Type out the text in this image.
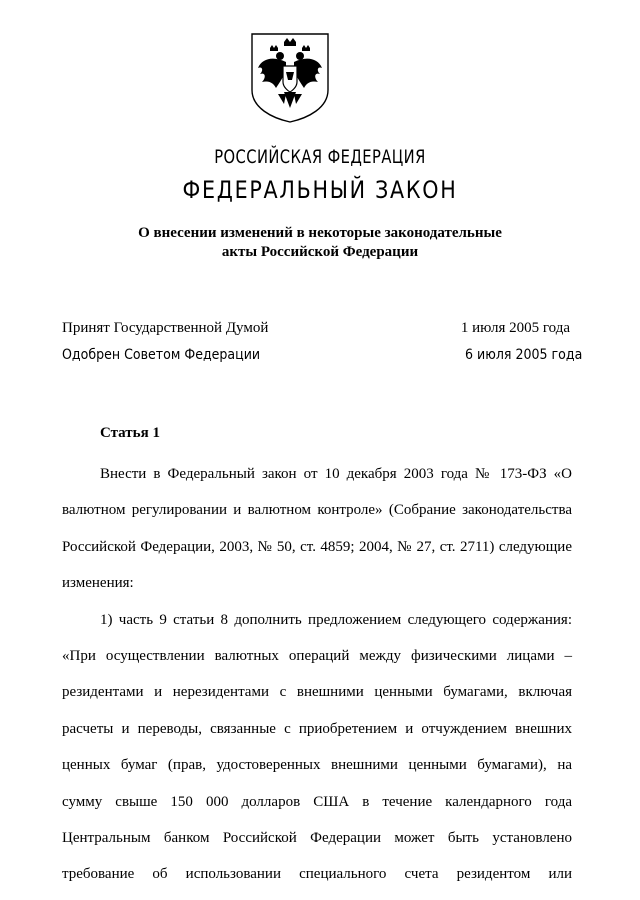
РОССИЙСКАЯ ФЕДЕРАЦИЯ
ФЕДЕРАЛЬНЫЙ ЗАКОН
О внесении изменений в некоторые законодательные
акты Российской Федерации
Принят Государственной Думой	1 июля 2005 года
Одобрен Советом Федерации	6 июля 2005 года
Статья 1
Внести в Федеральный закон от 10 декабря 2003 года № 173-ФЗ «О
валютном регулировании и валютном контроле» (Собрание законодательства
Российской Федерации, 2003, № 50, ст. 4859; 2004, № 27, ст. 2711) следующие
изменения:
1) часть 9 статьи 8 дополнить предложением следующего содержания:
«При осуществлении валютных операций между физическими лицами –
резидентами и нерезидентами с внешними ценными бумагами, включая
расчеты и переводы, связанные с приобретением и отчуждением внешних
ценных бумаг (прав, удостоверенных внешними ценными бумагами), на
сумму свыше 150 000 долларов США в течение календарного года
Центральным банком Российской Федерации может быть установлено
требование об использовании специального счета резидентом или
